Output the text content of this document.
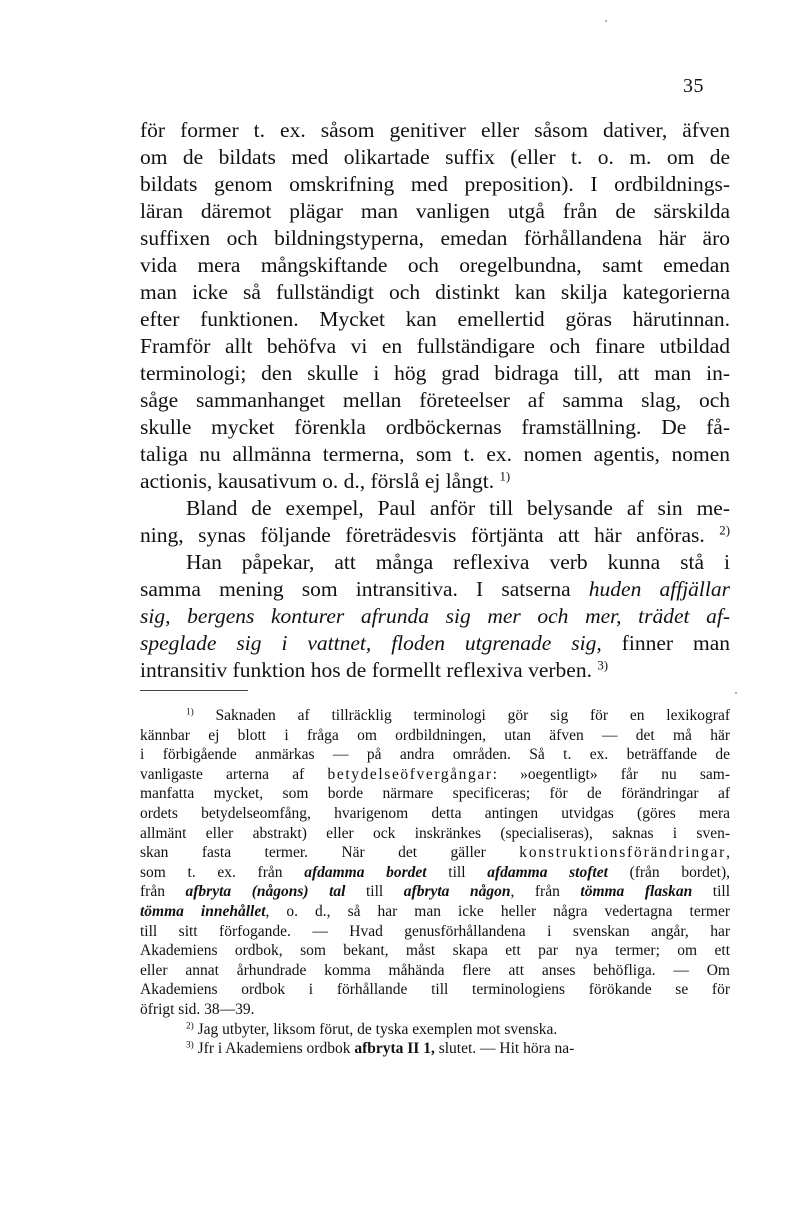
35
för former t. ex. såsom genitiver eller såsom dativer, äfven
om de bildats med olikartade suffix (eller t. o. m. om de
bildats genom omskrifning med preposition). I ordbildnings-
läran däremot plägar man vanligen utgå från de särskilda
suffixen och bildningstyperna, emedan förhållandena här äro
vida mera mångskiftande och oregelbundna, samt emedan
man icke så fullständigt och distinkt kan skilja kategorierna
efter funktionen. Mycket kan emellertid göras härutinnan.
Framför allt behöfva vi en fullständigare och finare utbildad
terminologi; den skulle i hög grad bidraga till, att man in-
såge sammanhanget mellan företeelser af samma slag, och
skulle mycket förenkla ordböckernas framställning. De få-
taliga nu allmänna termerna, som t. ex. nomen agentis, nomen
actionis, kausativum o. d., förslå ej långt. $^{1)}$
Bland de exempel, Paul anför till belysande af sin me-
ning, synas följande företrädesvis förtjänta att här anföras. $^{2)}$
Han påpekar, att många reflexiva verb kunna stå i
samma mening som intransitiva. I satserna huden affjällar
sig, bergens konturer afrunda sig mer och mer, trädet af-
speglade sig i vattnet, floden utgrenade sig, finner man
intransitiv funktion hos de formellt reflexiva verben. $^{3)}$
$^{1)}$ Saknaden af tillräcklig terminologi gör sig för en lexikograf
kännbar ej blott i fråga om ordbildningen, utan äfven — det må här
i förbigående anmärkas — på andra områden. Så t. ex. beträffande de
vanligaste arterna af betydelseöfvergångar: »oegentligt» får nu sam-
manfatta mycket, som borde närmare specificeras; för de förändringar af
ordets betydelseomfång, hvarigenom detta antingen utvidgas (göres mera
allmänt eller abstrakt) eller ock inskränkes (specialiseras), saknas i sven-
skan fasta termer. När det gäller konstruktionsförändringar,
som t. ex. från afdamma bordet till afdamma stoftet (från bordet),
från afbryta (någons) tal till afbryta någon, från tömma flaskan till
tömma innehållet, o. d., så har man icke heller några vedertagna termer
till sitt förfogande. — Hvad genusförhållandena i svenskan angår, har
Akademiens ordbok, som bekant, måst skapa ett par nya termer; om ett
eller annat århundrade komma måhända flere att anses behöfliga. — Om
Akademiens ordbok i förhållande till terminologiens förökande se för
öfrigt sid. 38—39.
$^{2)}$ Jag utbyter, liksom förut, de tyska exemplen mot svenska.
$^{3)}$ Jfr i Akademiens ordbok afbryta II 1, slutet. — Hit höra na-
